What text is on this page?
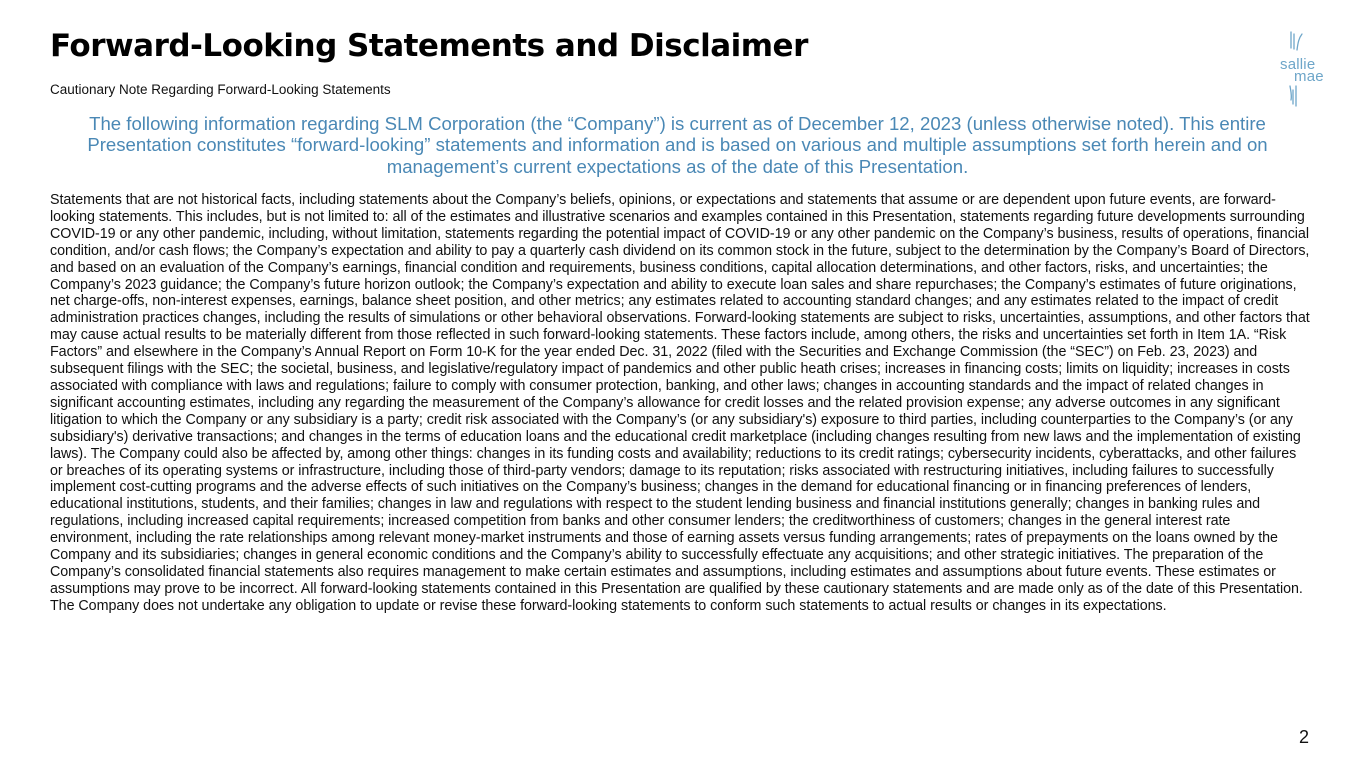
Forward-Looking Statements and Disclaimer

Cautionary Note Regarding Forward-Looking Statements

sallie
mae

The following information regarding SLM Corporation (the “Company”) is current as of December 12, 2023 (unless otherwise noted). This entire Presentation constitutes “forward-looking” statements and information and is based on various and multiple assumptions set forth herein and on management’s current expectations as of the date of this Presentation.

Statements that are not historical facts, including statements about the Company’s beliefs, opinions, or expectations and statements that assume or are dependent upon future events, are forward-looking statements. This includes, but is not limited to: all of the estimates and illustrative scenarios and examples contained in this Presentation, statements regarding future developments surrounding COVID-19 or any other pandemic, including, without limitation, statements regarding the potential impact of COVID-19 or any other pandemic on the Company’s business, results of operations, financial condition, and/or cash flows; the Company’s expectation and ability to pay a quarterly cash dividend on its common stock in the future, subject to the determination by the Company’s Board of Directors, and based on an evaluation of the Company’s earnings, financial condition and requirements, business conditions, capital allocation determinations, and other factors, risks, and uncertainties; the Company’s 2023 guidance; the Company’s future horizon outlook; the Company’s expectation and ability to execute loan sales and share repurchases; the Company’s estimates of future originations, net charge-offs, non-interest expenses, earnings, balance sheet position, and other metrics; any estimates related to accounting standard changes; and any estimates related to the impact of credit administration practices changes, including the results of simulations or other behavioral observations. Forward-looking statements are subject to risks, uncertainties, assumptions, and other factors that may cause actual results to be materially different from those reflected in such forward-looking statements. These factors include, among others, the risks and uncertainties set forth in Item 1A. “Risk Factors” and elsewhere in the Company’s Annual Report on Form 10-K for the year ended Dec. 31, 2022 (filed with the Securities and Exchange Commission (the “SEC”) on Feb. 23, 2023) and subsequent filings with the SEC; the societal, business, and legislative/regulatory impact of pandemics and other public heath crises; increases in financing costs; limits on liquidity; increases in costs associated with compliance with laws and regulations; failure to comply with consumer protection, banking, and other laws; changes in accounting standards and the impact of related changes in significant accounting estimates, including any regarding the measurement of the Company’s allowance for credit losses and the related provision expense; any adverse outcomes in any significant litigation to which the Company or any subsidiary is a party; credit risk associated with the Company’s (or any subsidiary's) exposure to third parties, including counterparties to the Company’s (or any subsidiary's) derivative transactions; and changes in the terms of education loans and the educational credit marketplace (including changes resulting from new laws and the implementation of existing laws). The Company could also be affected by, among other things: changes in its funding costs and availability; reductions to its credit ratings; cybersecurity incidents, cyberattacks, and other failures or breaches of its operating systems or infrastructure, including those of third-party vendors; damage to its reputation; risks associated with restructuring initiatives, including failures to successfully implement cost-cutting programs and the adverse effects of such initiatives on the Company’s business; changes in the demand for educational financing or in financing preferences of lenders, educational institutions, students, and their families; changes in law and regulations with respect to the student lending business and financial institutions generally; changes in banking rules and regulations, including increased capital requirements; increased competition from banks and other consumer lenders; the creditworthiness of customers; changes in the general interest rate environment, including the rate relationships among relevant money-market instruments and those of earning assets versus funding arrangements; rates of prepayments on the loans owned by the Company and its subsidiaries; changes in general economic conditions and the Company’s ability to successfully effectuate any acquisitions; and other strategic initiatives. The preparation of the Company’s consolidated financial statements also requires management to make certain estimates and assumptions, including estimates and assumptions about future events. These estimates or assumptions may prove to be incorrect. All forward-looking statements contained in this Presentation are qualified by these cautionary statements and are made only as of the date of this Presentation. The Company does not undertake any obligation to update or revise these forward-looking statements to conform such statements to actual results or changes in its expectations.

2
